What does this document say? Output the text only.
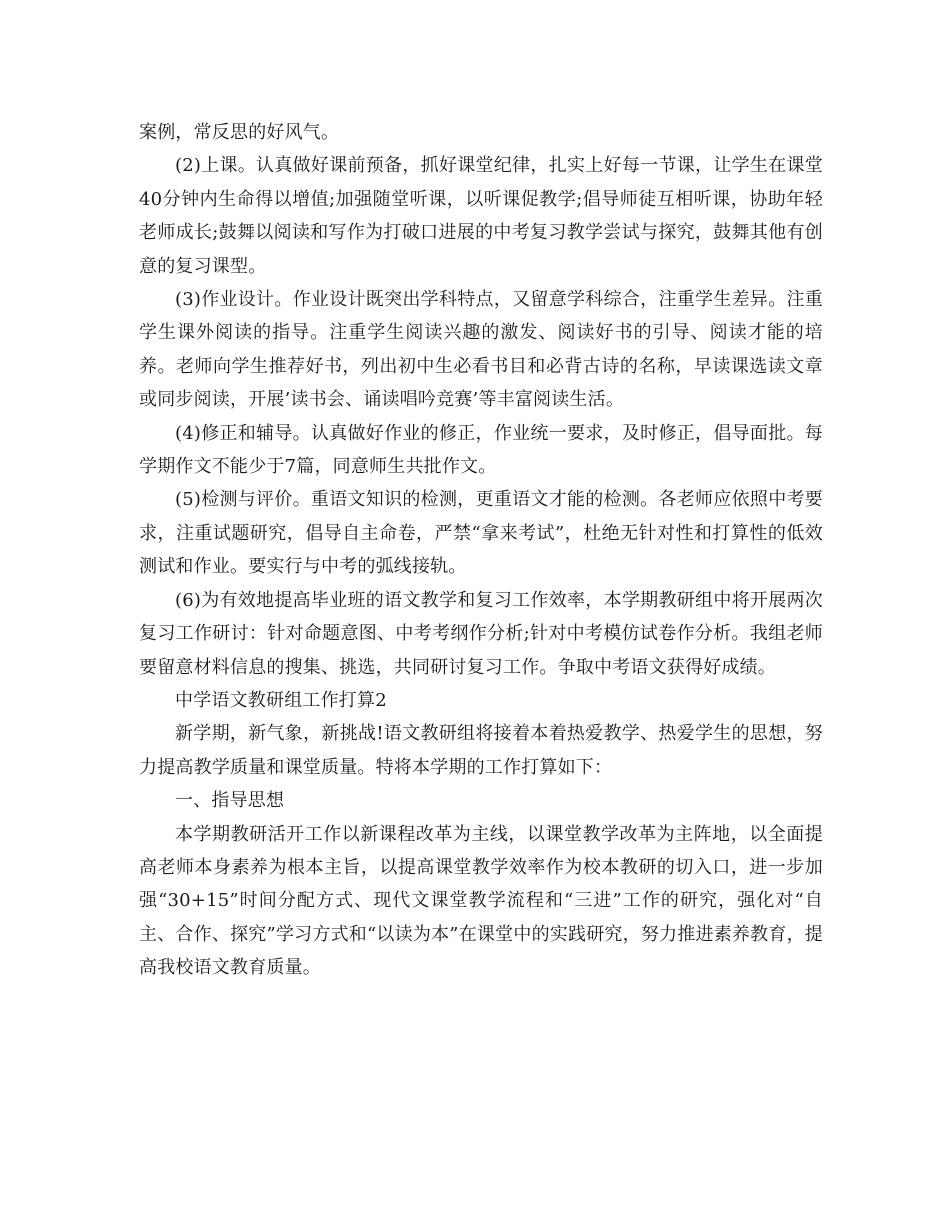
案例，常反思的好风气。

(2)上课。认真做好课前预备，抓好课堂纪律，扎实上好每一节课，让学生在课堂40分钟内生命得以增值;加强随堂听课，以听课促教学;倡导师徒互相听课，协助年轻老师成长;鼓舞以阅读和写作为打破口进展的中考复习教学尝试与探究，鼓舞其他有创意的复习课型。

(3)作业设计。作业设计既突出学科特点，又留意学科综合，注重学生差异。注重学生课外阅读的指导。注重学生阅读兴趣的激发、阅读好书的引导、阅读才能的培养。老师向学生推荐好书，列出初中生必看书目和必背古诗的名称，早读课选读文章或同步阅读，开展’读书会、诵读唱吟竞赛’等丰富阅读生活。

(4)修正和辅导。认真做好作业的修正，作业统一要求，及时修正，倡导面批。每学期作文不能少于7篇，同意师生共批作文。

(5)检测与评价。重语文知识的检测，更重语文才能的检测。各老师应依照中考要求，注重试题研究，倡导自主命卷，严禁“拿来考试”，杜绝无针对性和打算性的低效测试和作业。要实行与中考的弧线接轨。

(6)为有效地提高毕业班的语文教学和复习工作效率，本学期教研组中将开展两次复习工作研讨：针对命题意图、中考考纲作分析;针对中考模仿试卷作分析。我组老师要留意材料信息的搜集、挑选，共同研讨复习工作。争取中考语文获得好成绩。

中学语文教研组工作打算2

新学期，新气象，新挑战!语文教研组将接着本着热爱教学、热爱学生的思想，努力提高教学质量和课堂质量。特将本学期的工作打算如下：

一、指导思想

本学期教研活开工作以新课程改革为主线，以课堂教学改革为主阵地，以全面提高老师本身素养为根本主旨，以提高课堂教学效率作为校本教研的切入口，进一步加强“30+15”时间分配方式、现代文课堂教学流程和“三进”工作的研究，强化对“自主、合作、探究”学习方式和“以读为本”在课堂中的实践研究，努力推进素养教育，提高我校语文教育质量。
